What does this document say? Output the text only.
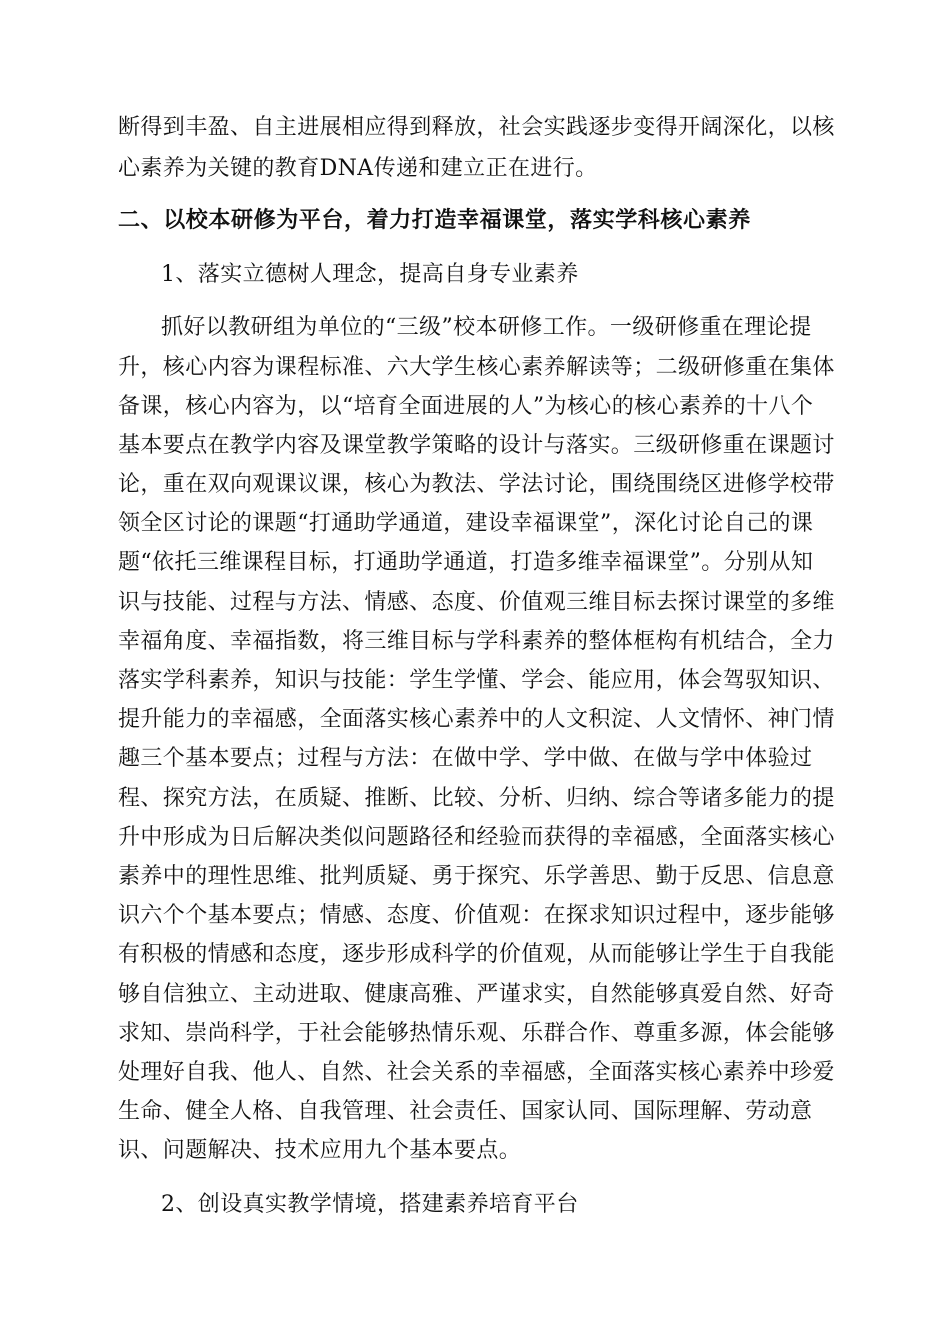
断得到丰盈、自主进展相应得到释放，社会实践逐步变得开阔深化，以核
心素养为关键的教育DNA传递和建立正在进行。
二、以校本研修为平台，着力打造幸福课堂，落实学科核心素养
1、落实立德树人理念，提高自身专业素养
抓好以教研组为单位的“三级”校本研修工作。一级研修重在理论提
升，核心内容为课程标准、六大学生核心素养解读等；二级研修重在集体
备课，核心内容为，以“培育全面进展的人”为核心的核心素养的十八个
基本要点在教学内容及课堂教学策略的设计与落实。三级研修重在课题讨
论，重在双向观课议课，核心为教法、学法讨论，围绕围绕区进修学校带
领全区讨论的课题“打通助学通道，建设幸福课堂”，深化讨论自己的课
题“依托三维课程目标，打通助学通道，打造多维幸福课堂”。分别从知
识与技能、过程与方法、情感、态度、价值观三维目标去探讨课堂的多维
幸福角度、幸福指数，将三维目标与学科素养的整体框构有机结合，全力
落实学科素养，知识与技能：学生学懂、学会、能应用，体会驾驭知识、
提升能力的幸福感，全面落实核心素养中的人文积淀、人文情怀、神门情
趣三个基本要点；过程与方法：在做中学、学中做、在做与学中体验过
程、探究方法，在质疑、推断、比较、分析、归纳、综合等诸多能力的提
升中形成为日后解决类似问题路径和经验而获得的幸福感，全面落实核心
素养中的理性思维、批判质疑、勇于探究、乐学善思、勤于反思、信息意
识六个个基本要点；情感、态度、价值观：在探求知识过程中，逐步能够
有积极的情感和态度，逐步形成科学的价值观，从而能够让学生于自我能
够自信独立、主动进取、健康高雅、严谨求实，自然能够真爱自然、好奇
求知、崇尚科学，于社会能够热情乐观、乐群合作、尊重多源，体会能够
处理好自我、他人、自然、社会关系的幸福感，全面落实核心素养中珍爱
生命、健全人格、自我管理、社会责任、国家认同、国际理解、劳动意
识、问题解决、技术应用九个基本要点。
2、创设真实教学情境，搭建素养培育平台
